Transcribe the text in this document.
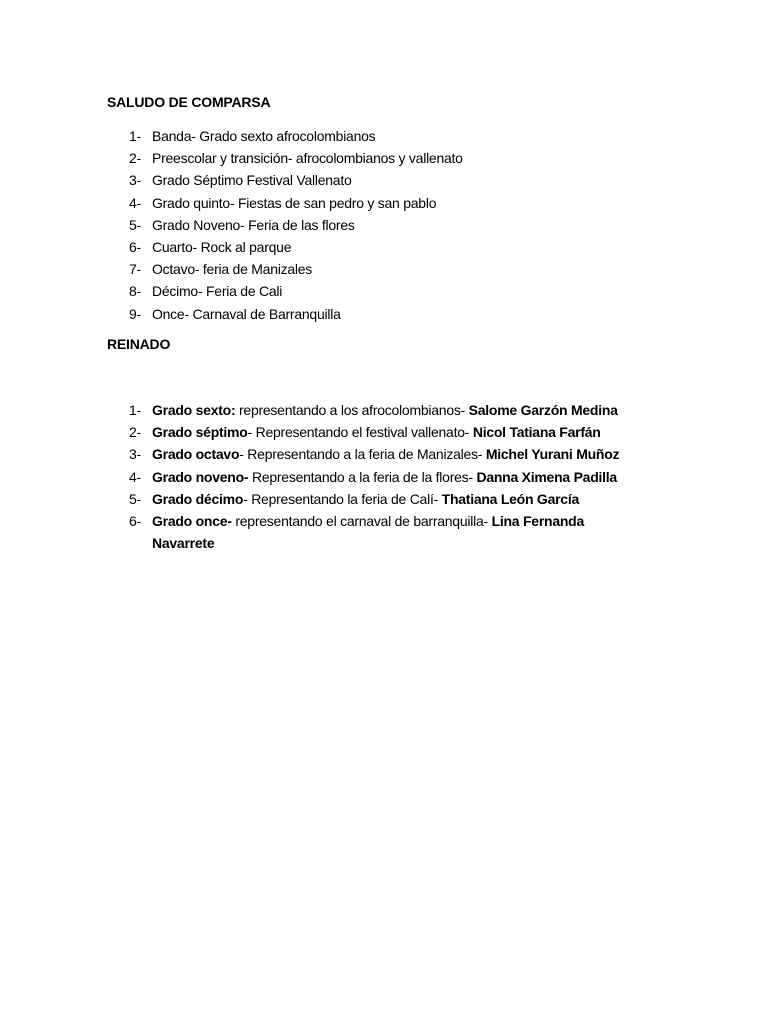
SALUDO DE COMPARSA
1- Banda- Grado sexto afrocolombianos
2- Preescolar y transición- afrocolombianos y vallenato
3- Grado Séptimo Festival Vallenato
4- Grado quinto- Fiestas de san pedro y san pablo
5- Grado Noveno- Feria de las flores
6- Cuarto- Rock al parque
7- Octavo- feria de Manizales
8- Décimo- Feria de Cali
9- Once- Carnaval de Barranquilla
REINADO
1- Grado sexto: representando a los afrocolombianos- Salome Garzón Medina
2- Grado séptimo- Representando el festival vallenato- Nicol Tatiana Farfán
3- Grado octavo- Representando a la feria de Manizales- Michel Yurani Muñoz
4- Grado noveno- Representando a la feria de la flores- Danna Ximena Padilla
5- Grado décimo- Representando la feria de Calí- Thatiana León García
6- Grado once- representando el carnaval de barranquilla- Lina Fernanda
Navarrete
